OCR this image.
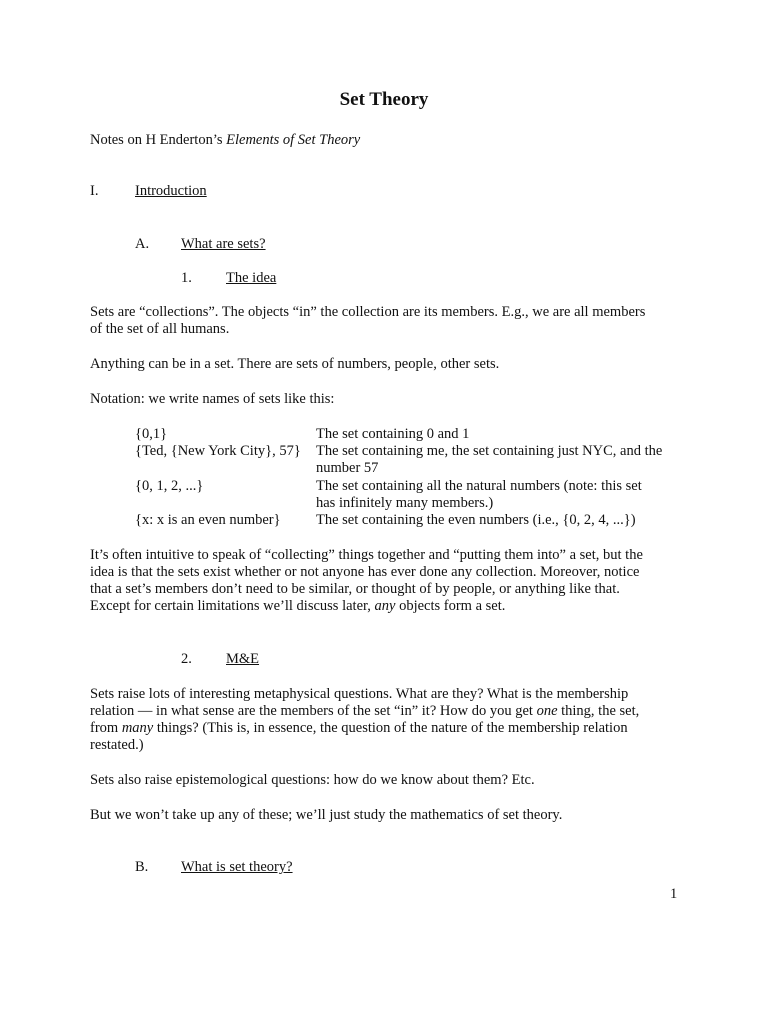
Set Theory
Notes on H Enderton’s Elements of Set Theory
I.	Introduction
A. What are sets?
1. The idea
Sets are “collections”. The objects “in” the collection are its members. E.g., we are all members
of the set of all humans.
Anything can be in a set. There are sets of numbers, people, other sets.
Notation: we write names of sets like this:
{0,1}	The set containing 0 and 1
{Ted, {New York City}, 57} The set containing me, the set containing just NYC, and the
number 57
{0, 1, 2, ...}	The set containing all the natural numbers (note: this set
has infinitely many members.)
{x: x is an even number} The set containing the even numbers (i.e., {0, 2, 4, ...})
It’s often intuitive to speak of “collecting” things together and “putting them into” a set, but the
idea is that the sets exist whether or not anyone has ever done any collection. Moreover, notice
that a set’s members don’t need to be similar, or thought of by people, or anything like that.
Except for certain limitations we’ll discuss later, any objects form a set.
2. M&E
Sets raise lots of interesting metaphysical questions. What are they? What is the membership
relation — in what sense are the members of the set “in” it? How do you get one thing, the set,
from many things? (This is, in essence, the question of the nature of the membership relation
restated.)
Sets also raise epistemological questions: how do we know about them? Etc.
But we won’t take up any of these; we’ll just study the mathematics of set theory.
B. What is set theory?
1
